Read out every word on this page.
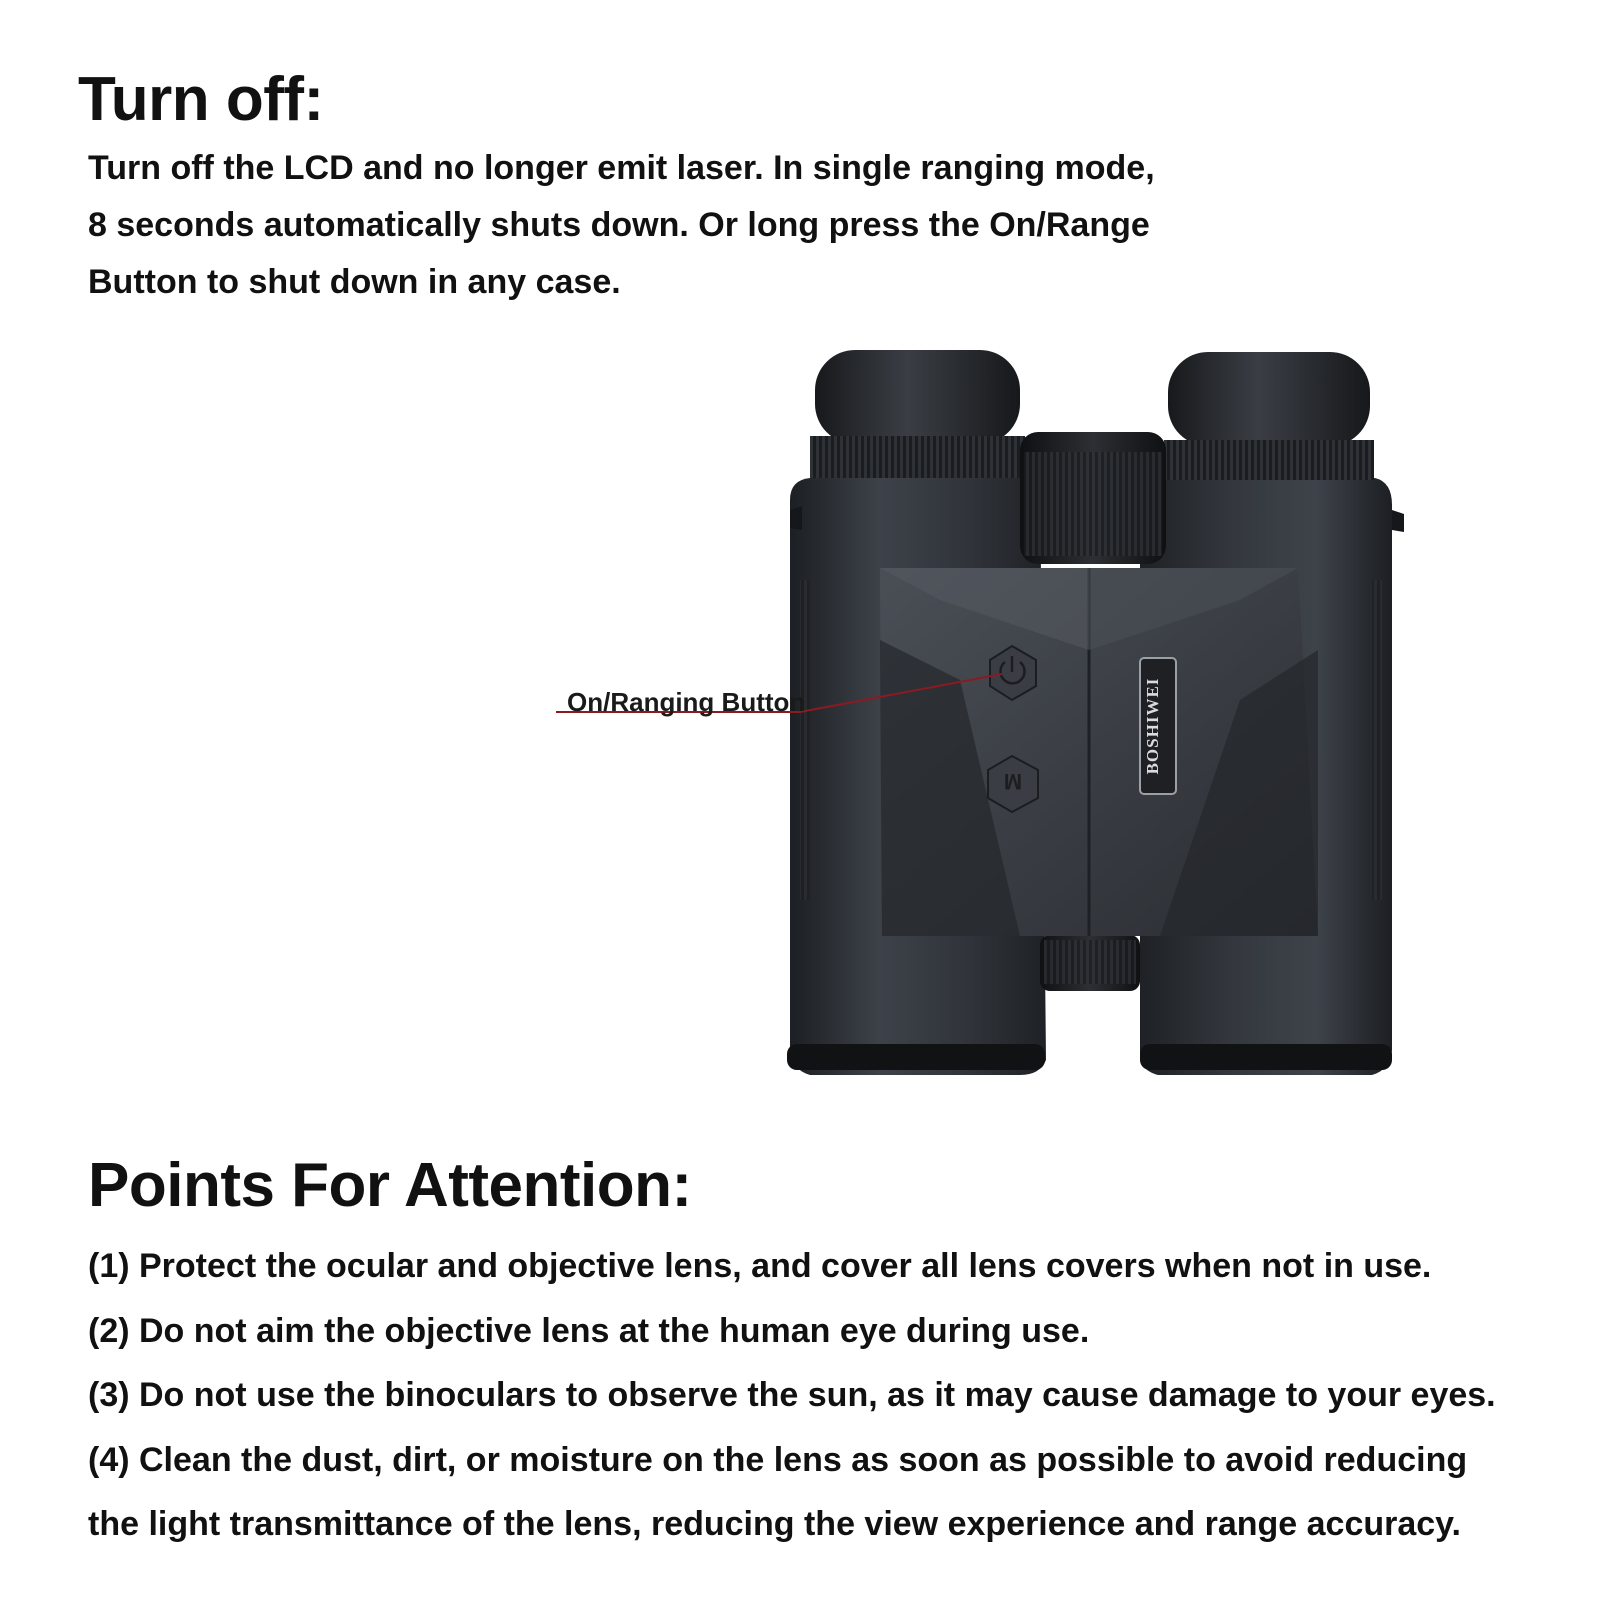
Turn off:

Turn off the LCD and no longer emit laser. In single ranging mode,
8 seconds automatically shuts down. Or long press the On/Range
Button to shut down in any case.

M
BOSHIWEI

On/Ranging Button

Points For Attention:
(1) Protect the ocular and objective lens, and cover all lens covers when not in use.
(2) Do not aim the objective lens at the human eye during use.
(3) Do not use the binoculars to observe the sun, as it may cause damage to your eyes.
(4) Clean the dust, dirt, or moisture on the lens as soon as possible to avoid reducing
the light transmittance of the lens, reducing the view experience and range accuracy.
